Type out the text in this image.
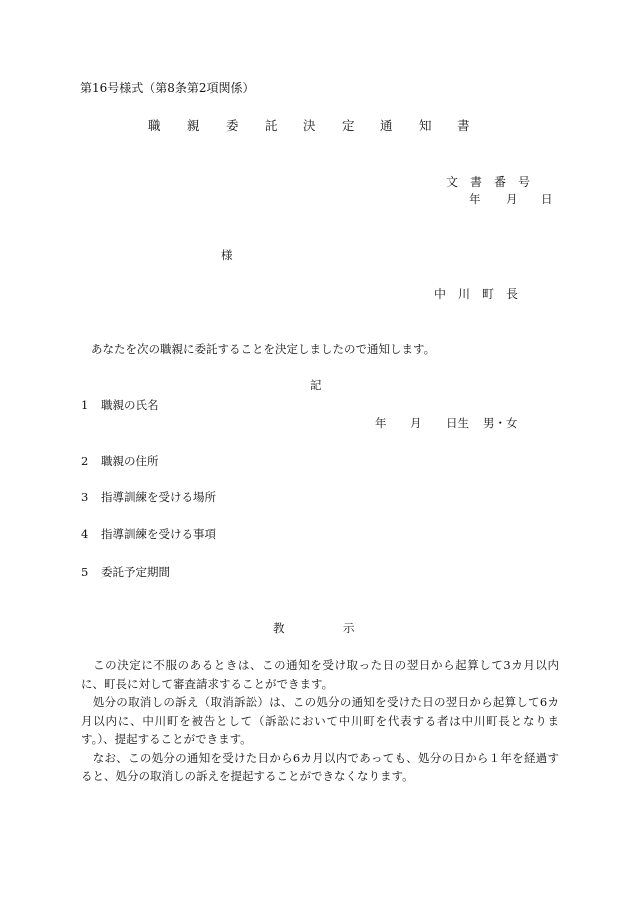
第16号様式（第8条第2項関係）
職 親 委 託 決 定 通 知 書
文　書　番　号
年 月 日
様
中　川　町　長
あなたを次の職親に委託することを決定しましたので通知します。
記
1 職親の氏名
年 月 日生 男・女
2 職親の住所
3 指導訓練を受ける場所
4 指導訓練を受ける事項
5 委託予定期間
教	示

　この決定に不服のあるときは、この通知を受け取った日の翌日から起算して3カ月以内に、町長に対して審査請求することができます。

　処分の取消しの訴え（取消訴訟）は、この処分の通知を受けた日の翌日から起算して6カ月以内に、中川町を被告として（訴訟において中川町を代表する者は中川町長となります。）、提起することができます。

　なお、この処分の通知を受けた日から6カ月以内であっても、処分の日から１年を経過すると、処分の取消しの訴えを提起することができなくなります。
